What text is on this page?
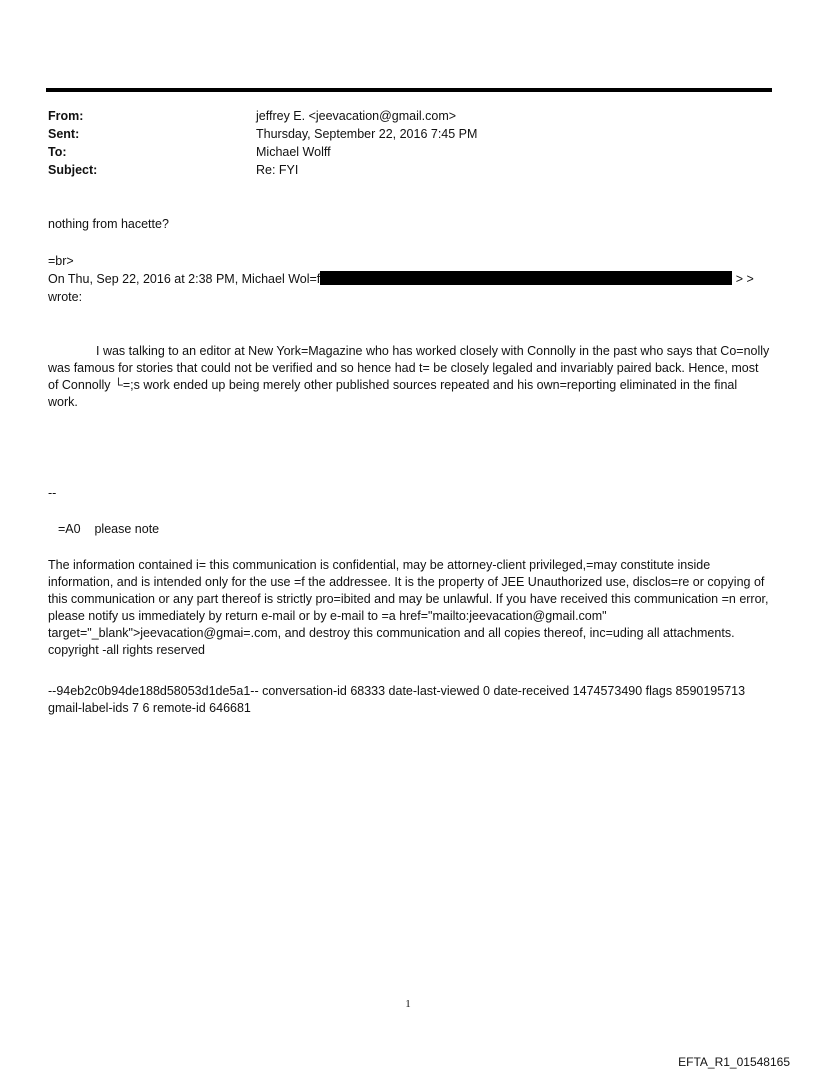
From:	jeffrey E. <jeevacation@gmail.com>
Sent:	Thursday, September 22, 2016 7:45 PM
To:	Michael Wolff
Subject:	Re: FYI
nothing from hacette?
=br>
On Thu, Sep 22, 2016 at 2:38 PM, Michael Wol=f	> >
wrote:
I was talking to an editor at New York=Magazine who has worked closely with Connolly in the past who says that Co=nolly was famous for stories that could not be verified and so hence had t= be closely legaled and invariably paired back. Hence, most of Connolly └=;s work ended up being merely other published sources repeated and his own=reporting eliminated in the final work.
--
=A0    please note
The information contained i= this communication is confidential, may be attorney-client privileged,=may constitute inside information, and is intended only for the use =f the addressee. It is the property of JEE Unauthorized use, disclos=re or copying of this communication or any part thereof is strictly pro=ibited and may be unlawful. If you have received this communication =n error, please notify us immediately by return e-mail or by e-mail to =a href="mailto:jeevacation@gmail.com" target="_blank">jeevacation@gmai=.com, and destroy this communication and all copies thereof, inc=uding all attachments. copyright -all rights reserved
--94eb2c0b94de188d58053d1de5a1-- conversation-id 68333 date-last-viewed 0 date-received 1474573490 flags 8590195713 gmail-label-ids 7 6 remote-id 646681
1
EFTA_R1_01548165
